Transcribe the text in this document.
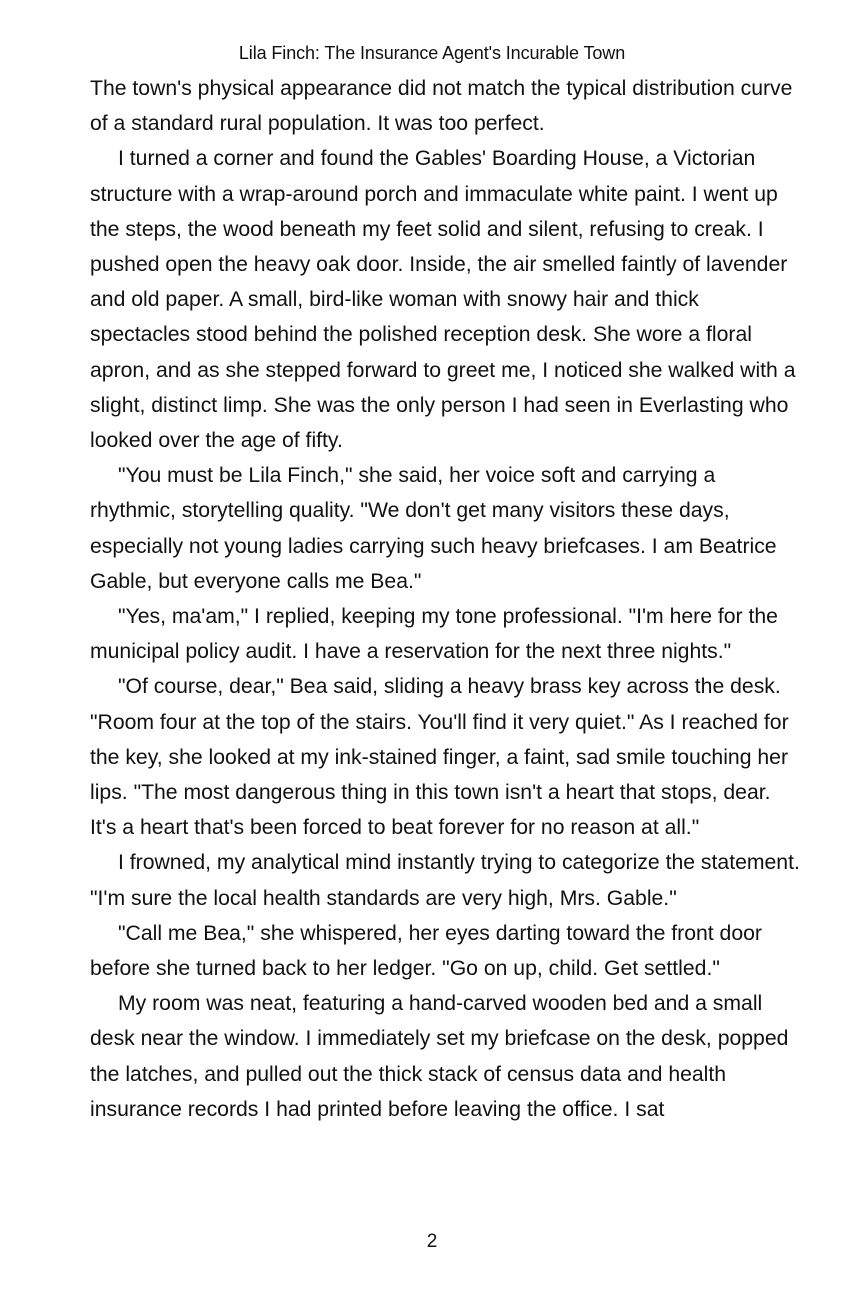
Lila Finch: The Insurance Agent's Incurable Town

The town's physical appearance did not match the typical distribution curve of a standard rural population. It was too perfect.

I turned a corner and found the Gables' Boarding House, a Victorian structure with a wrap-around porch and immaculate white paint. I went up the steps, the wood beneath my feet solid and silent, refusing to creak. I pushed open the heavy oak door. Inside, the air smelled faintly of lavender and old paper. A small, bird-like woman with snowy hair and thick spectacles stood behind the polished reception desk. She wore a floral apron, and as she stepped forward to greet me, I noticed she walked with a slight, distinct limp. She was the only person I had seen in Everlasting who looked over the age of fifty.

"You must be Lila Finch," she said, her voice soft and carrying a rhythmic, storytelling quality. "We don't get many visitors these days, especially not young ladies carrying such heavy briefcases. I am Beatrice Gable, but everyone calls me Bea."

"Yes, ma'am," I replied, keeping my tone professional. "I'm here for the municipal policy audit. I have a reservation for the next three nights."

"Of course, dear," Bea said, sliding a heavy brass key across the desk. "Room four at the top of the stairs. You'll find it very quiet." As I reached for the key, she looked at my ink-stained finger, a faint, sad smile touching her lips. "The most dangerous thing in this town isn't a heart that stops, dear. It's a heart that's been forced to beat forever for no reason at all."

I frowned, my analytical mind instantly trying to categorize the statement. "I'm sure the local health standards are very high, Mrs. Gable."

"Call me Bea," she whispered, her eyes darting toward the front door before she turned back to her ledger. "Go on up, child. Get settled."

My room was neat, featuring a hand-carved wooden bed and a small desk near the window. I immediately set my briefcase on the desk, popped the latches, and pulled out the thick stack of census data and health insurance records I had printed before leaving the office. I sat

2
